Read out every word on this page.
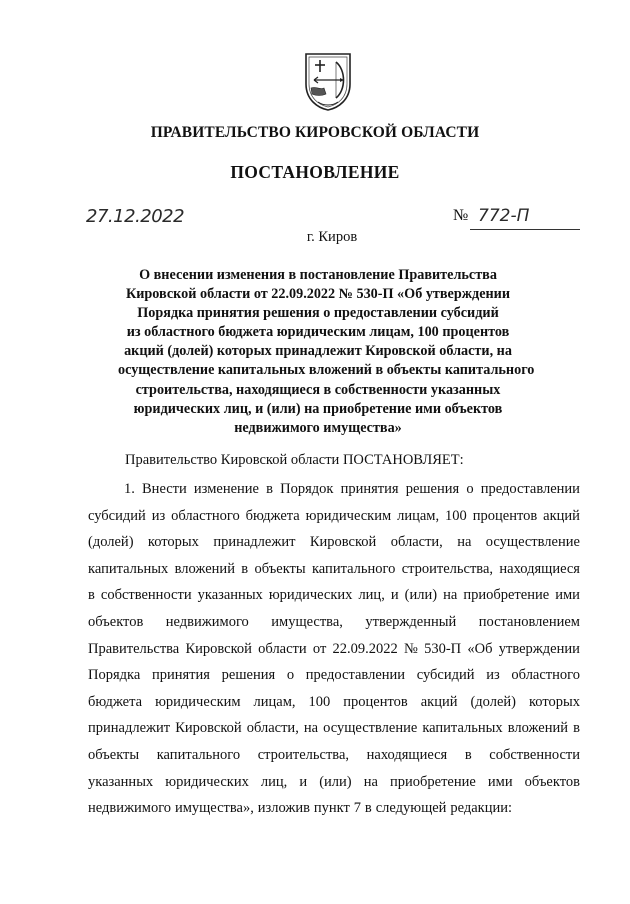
ПРАВИТЕЛЬСТВО КИРОВСКОЙ ОБЛАСТИ
ПОСТАНОВЛЕНИЕ
27.12.2022	№ 772-П
г. Киров
О внесении изменения в постановление Правительства
Кировской области от 22.09.2022 № 530-П «Об утверждении
Порядка принятия решения о предоставлении субсидий
из областного бюджета юридическим лицам, 100 процентов
акций (долей) которых принадлежит Кировской области, на
осуществление капитальных вложений в объекты капитального
строительства, находящиеся в собственности указанных
юридических лиц, и (или) на приобретение ими объектов
недвижимого имущества»
Правительство Кировской области ПОСТАНОВЛЯЕТ:
1. Внести изменение в Порядок принятия решения о предоставлении
субсидий из областного бюджета юридическим лицам, 100 процентов акций
(долей) которых принадлежит Кировской области, на осуществление
капитальных вложений в объекты капитального строительства, находящиеся
в собственности указанных юридических лиц, и (или) на приобретение ими
объектов недвижимого имущества, утвержденный постановлением
Правительства Кировской области от 22.09.2022 № 530-П «Об утверждении
Порядка принятия решения о предоставлении субсидий из областного
бюджета юридическим лицам, 100 процентов акций (долей) которых
принадлежит Кировской области, на осуществление капитальных вложений в
объекты капитального строительства, находящиеся в собственности
указанных юридических лиц, и (или) на приобретение ими объектов
недвижимого имущества», изложив пункт 7 в следующей редакции:
